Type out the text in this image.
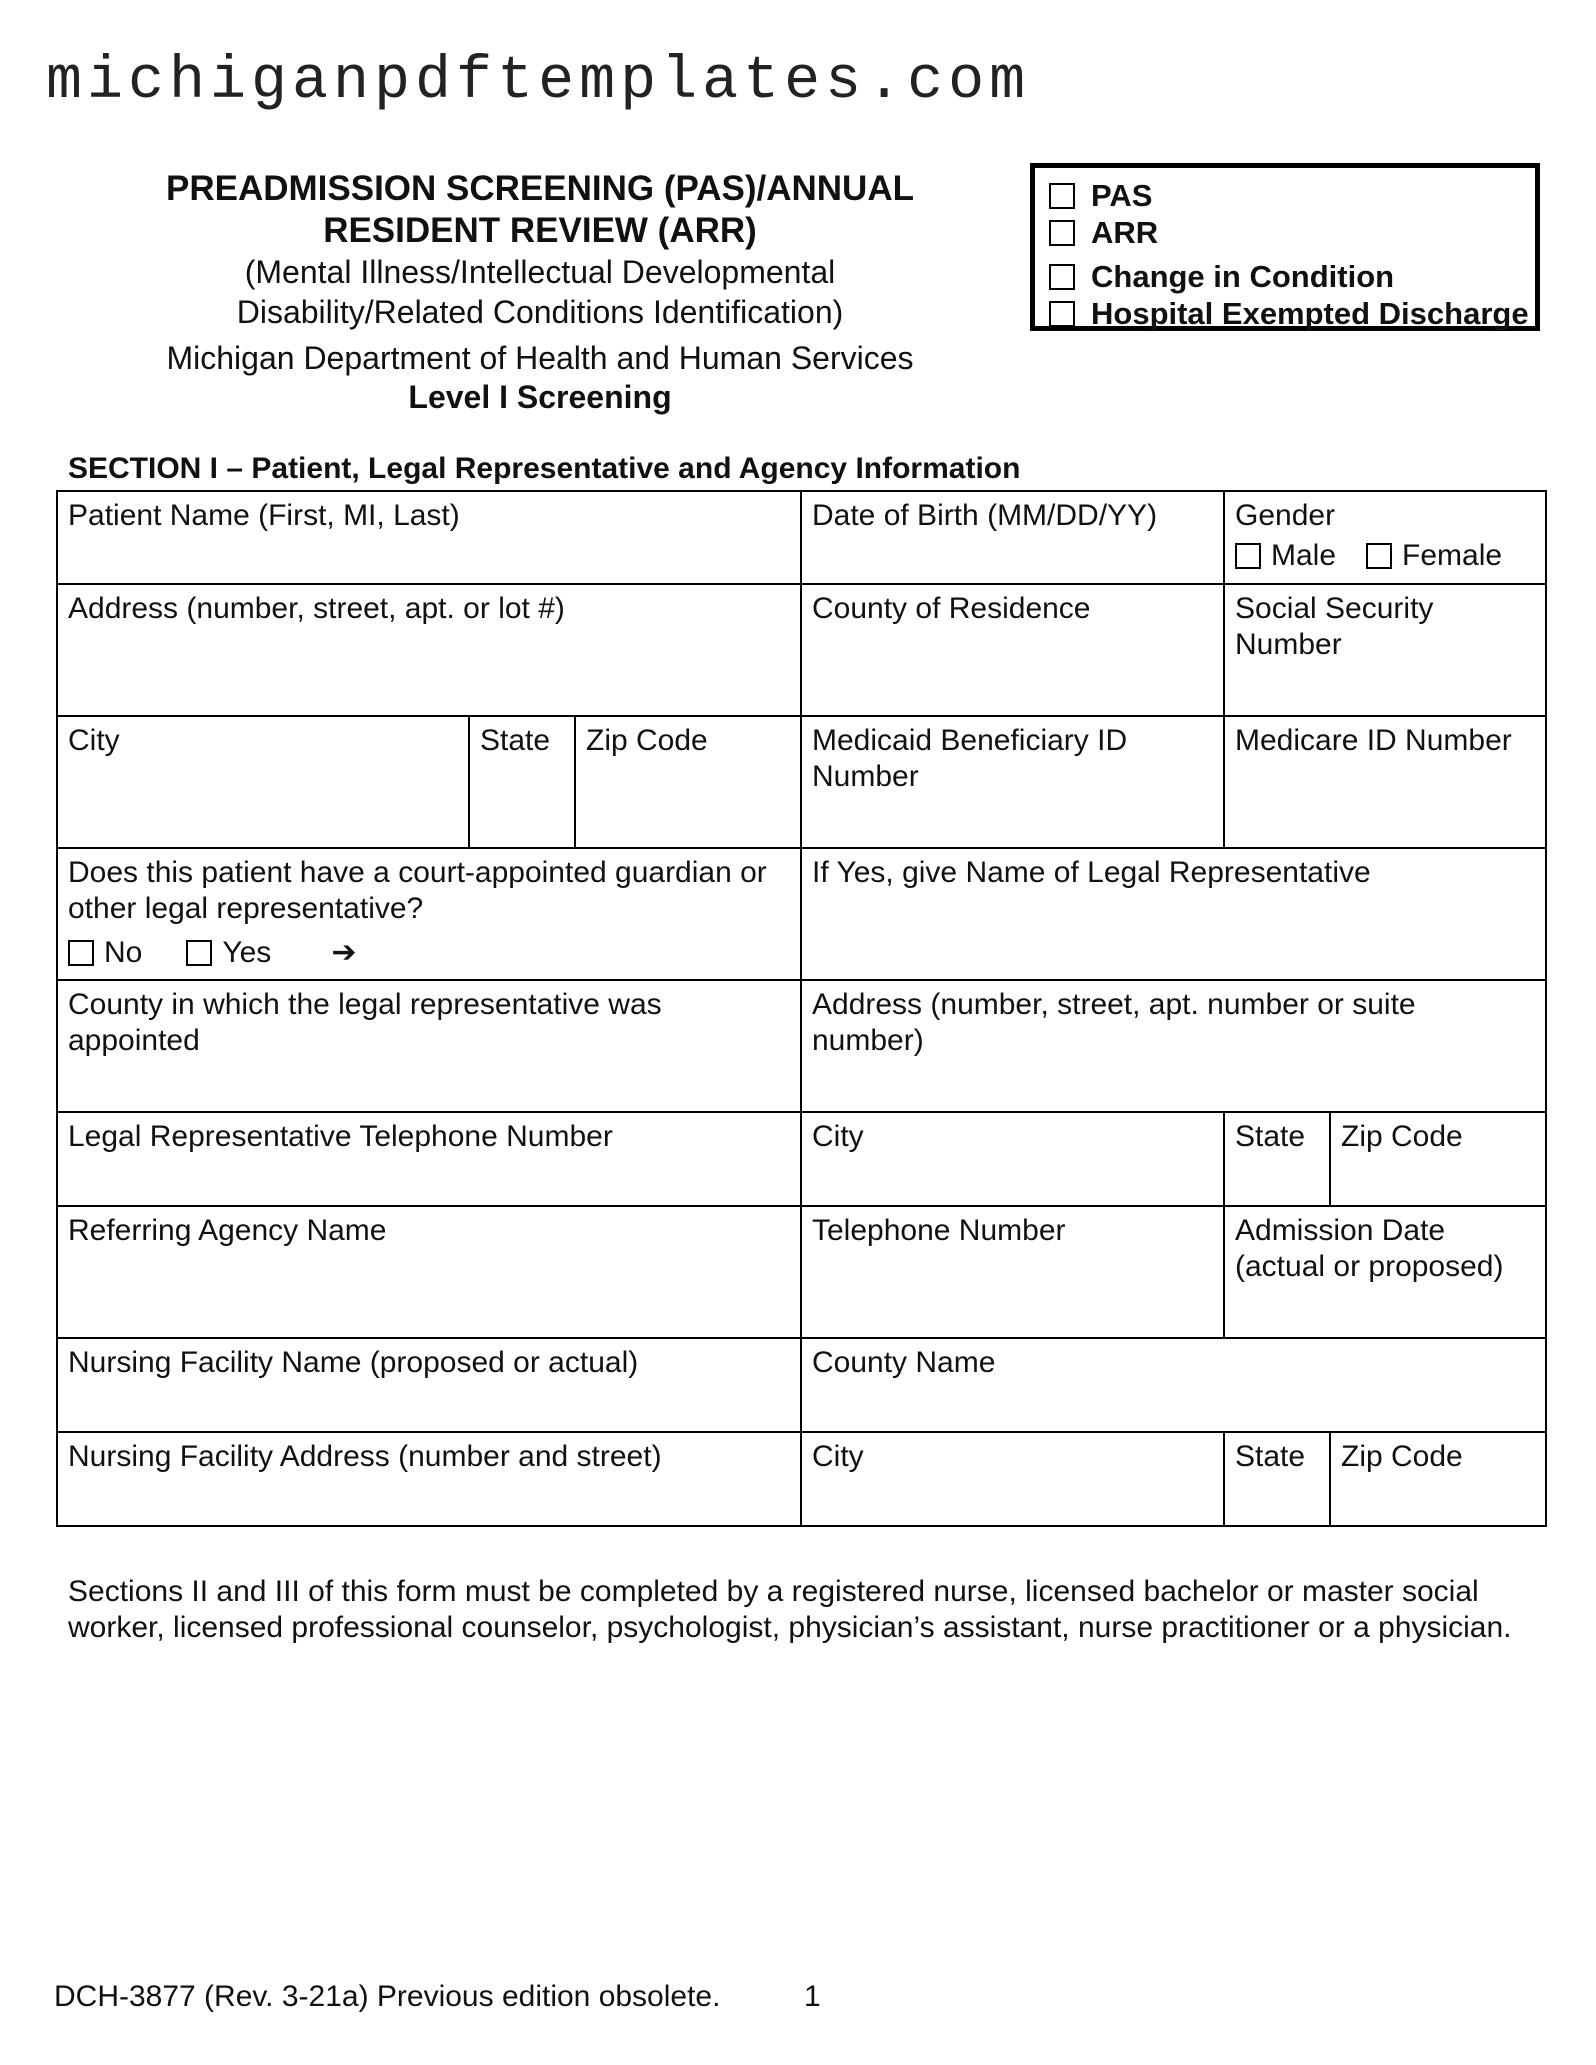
michiganpdftemplates.com
PREADMISSION SCREENING (PAS)/ANNUAL
RESIDENT REVIEW (ARR)
(Mental Illness/Intellectual Developmental
Disability/Related Conditions Identification)
Michigan Department of Health and Human Services
Level I Screening
PAS
ARR
Change in Condition
Hospital Exempted Discharge
SECTION I – Patient, Legal Representative and Agency Information
Patient Name (First, MI, Last)			Date of Birth (MM/DD/YY)	Gender
Male Female	

Address (number, street, apt. or lot #)			County of Residence	Social Security Number	
City	State	Zip Code	Medicaid Beneficiary ID Number	Medicare ID Number	

Does this patient have a court-appointed guardian or other legal representative?
No Yes ➔			If Yes, give Name of Legal Representative		
County in which the legal representative was appointed			Address (number, street, apt. number or suite number)		
Legal Representative Telephone Number			City	State	Zip Code
Referring Agency Name			Telephone Number	Admission Date (actual or proposed)	
Nursing Facility Name (proposed or actual)			County Name		
Nursing Facility Address (number and street)			City	State	Zip Code
Sections II and III of this form must be completed by a registered nurse, licensed bachelor or master social worker, licensed professional counselor, psychologist, physician’s assistant, nurse practitioner or a physician.
DCH-3877 (Rev. 3-21a) Previous edition obsolete.	1
